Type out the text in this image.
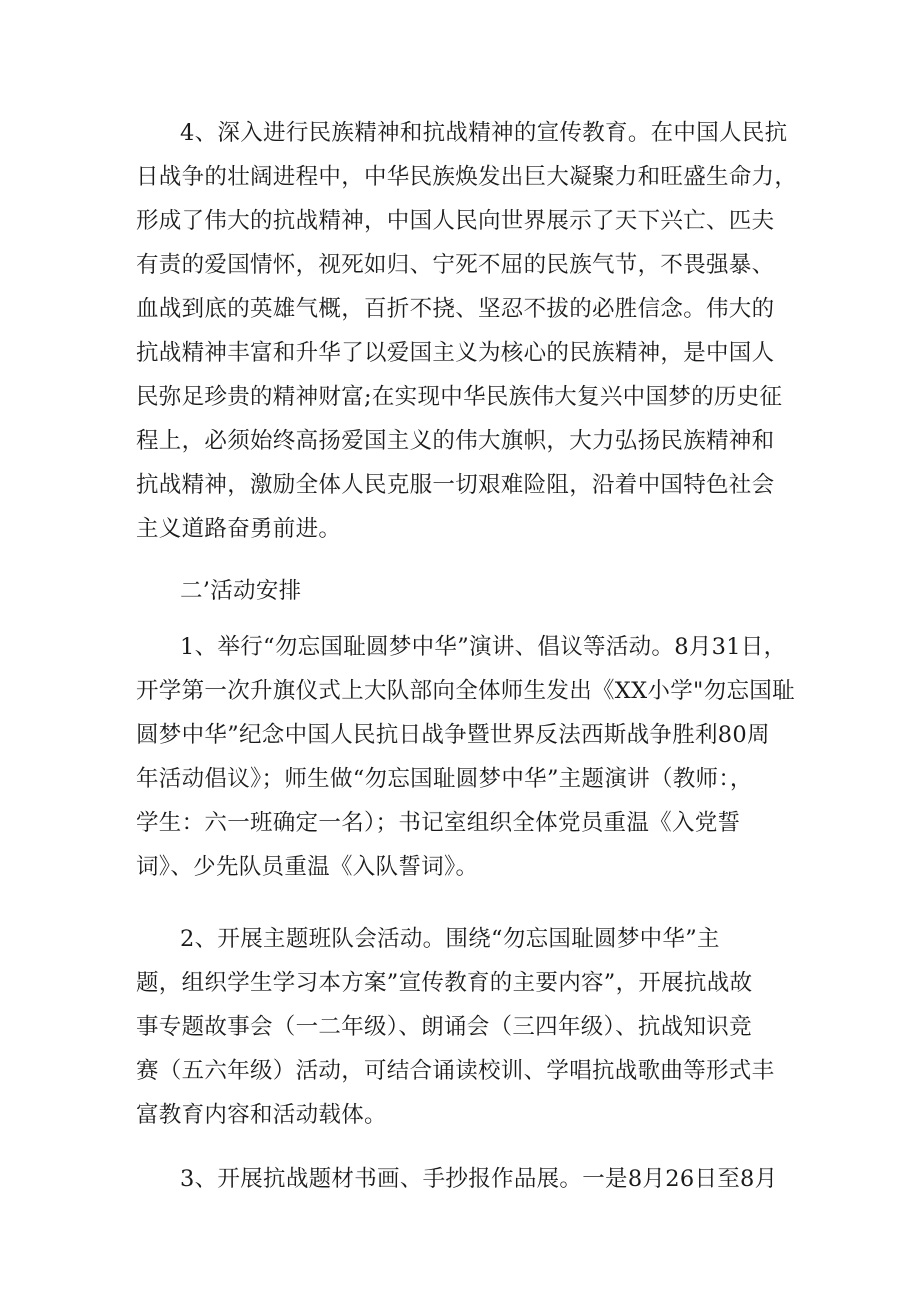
4、深入进行民族精神和抗战精神的宣传教育。在中国人民抗
日战争的壮阔进程中，中华民族焕发出巨大凝聚力和旺盛生命力，
形成了伟大的抗战精神，中国人民向世界展示了天下兴亡、匹夫
有责的爱国情怀，视死如归、宁死不屈的民族气节，不畏强暴、
血战到底的英雄气概，百折不挠、坚忍不拔的必胜信念。伟大的
抗战精神丰富和升华了以爱国主义为核心的民族精神，是中国人
民弥足珍贵的精神财富;在实现中华民族伟大复兴中国梦的历史征
程上，必须始终高扬爱国主义的伟大旗帜，大力弘扬民族精神和
抗战精神，激励全体人民克服一切艰难险阻，沿着中国特色社会
主义道路奋勇前进。
二’活动安排
1、举行“勿忘国耻圆梦中华”演讲、倡议等活动。8月31日，
开学第一次升旗仪式上大队部向全体师生发出《XX小学"勿忘国耻
圆梦中华”纪念中国人民抗日战争暨世界反法西斯战争胜利80周
年活动倡议》；师生做“勿忘国耻圆梦中华”主题演讲（教师：，
学生：六一班确定一名）；书记室组织全体党员重温《入党誓
词》、少先队员重温《入队誓词》。
2、开展主题班队会活动。围绕“勿忘国耻圆梦中华”主
题，组织学生学习本方案”宣传教育的主要内容”，开展抗战故
事专题故事会（一二年级）、朗诵会（三四年级）、抗战知识竞
赛（五六年级）活动，可结合诵读校训、学唱抗战歌曲等形式丰
富教育内容和活动载体。
3、开展抗战题材书画、手抄报作品展。一是8月26日至8月
